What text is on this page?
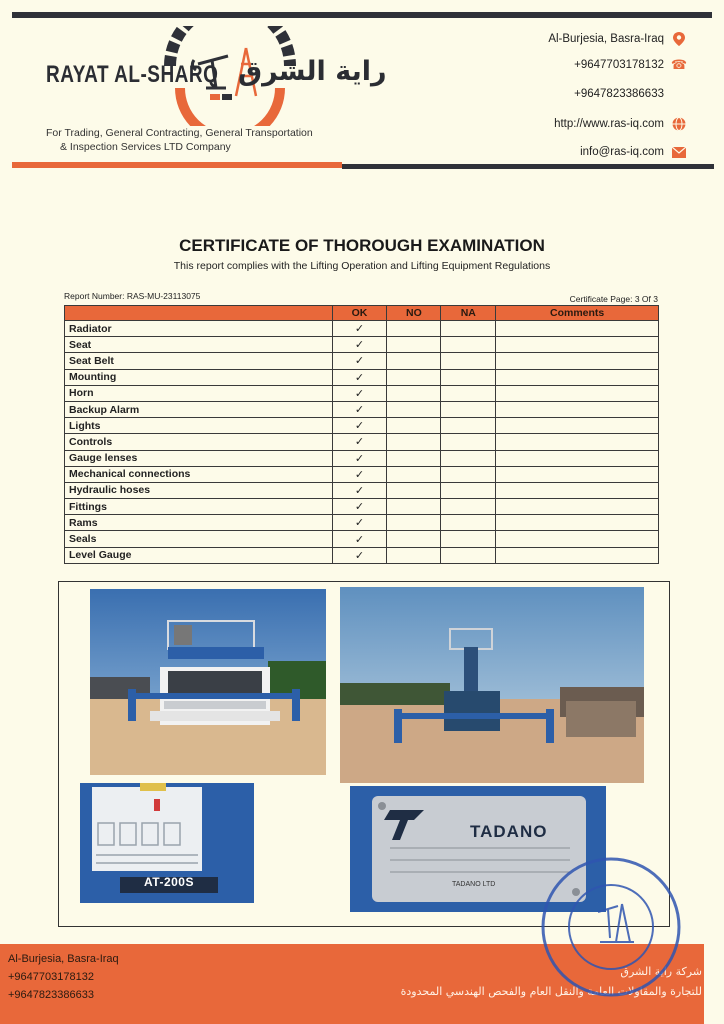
RAYAT AL-SHARQ راية الشرق
For Trading, General Contracting, General Transportation
& Inspection Services LTD Company
Al-Burjesia, Basra-Iraq
+9647703178132 ☎
+9647823386633
http://www.ras-iq.com
info@ras-iq.com
CERTIFICATE OF THOROUGH EXAMINATION
This report complies with the Lifting Operation and Lifting Equipment Regulations
Report Number: RAS-MU-23113075	Certificate Page: 3 Of 3
	OK	NO	NA	Comments
Radiator	✓			
Seat	✓			
Seat Belt	✓			
Mounting	✓			
Horn	✓			
Backup Alarm	✓			
Lights	✓			
Controls	✓			
Gauge lenses	✓			
Mechanical connections	✓			
Hydraulic hoses	✓			
Fittings	✓			
Rams	✓			
Seals	✓			
Level Gauge	✓			
AT-200S
TADANO
TADANO LTD
Al-Burjesia, Basra-Iraq
+9647703178132
+9647823386633
شركة راية الشرق
للتجارة والمقاولات العامة والنقل العام والفحص الهندسي المحدودة
